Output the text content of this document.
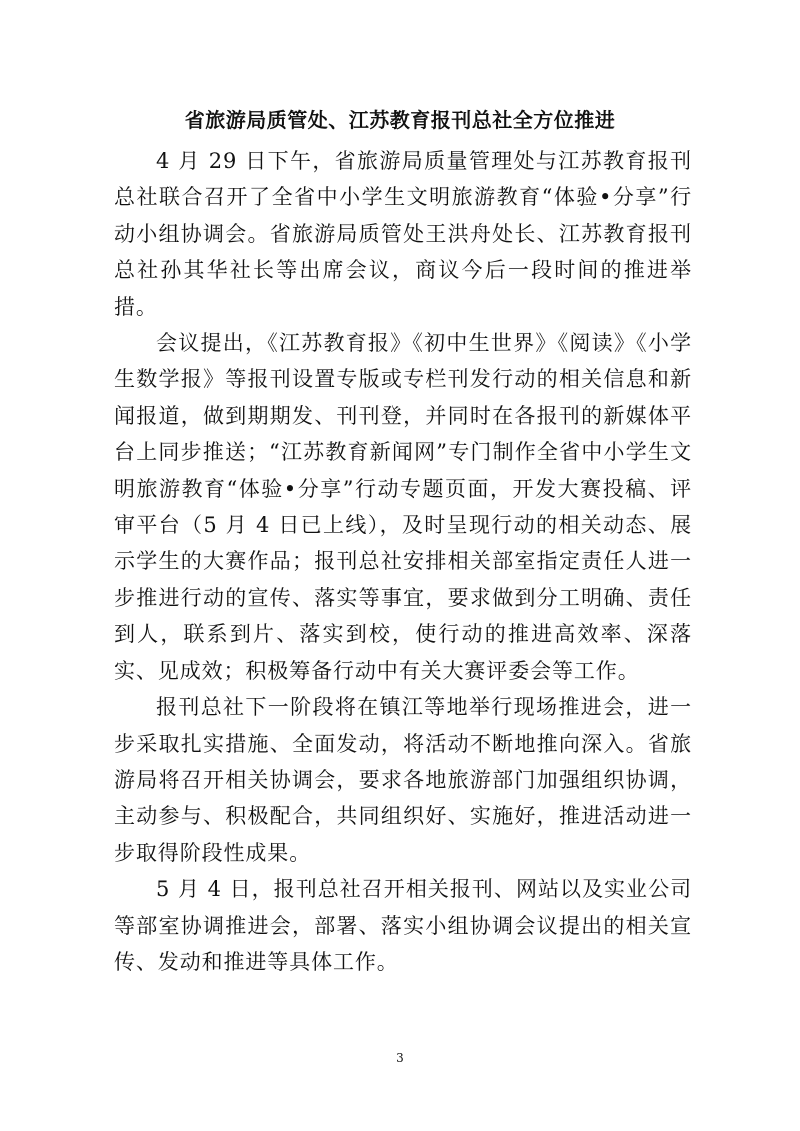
省旅游局质管处、江苏教育报刊总社全方位推进

4 月 29 日下午，省旅游局质量管理处与江苏教育报刊总社联合召开了全省中小学生文明旅游教育“体验•分享”行动小组协调会。省旅游局质管处王洪舟处长、江苏教育报刊总社孙其华社长等出席会议，商议今后一段时间的推进举措。

会议提出，《江苏教育报》《初中生世界》《阅读》《小学生数学报》等报刊设置专版或专栏刊发行动的相关信息和新闻报道，做到期期发、刊刊登，并同时在各报刊的新媒体平台上同步推送；“江苏教育新闻网”专门制作全省中小学生文明旅游教育“体验•分享”行动专题页面，开发大赛投稿、评审平台（5 月 4 日已上线），及时呈现行动的相关动态、展示学生的大赛作品；报刊总社安排相关部室指定责任人进一步推进行动的宣传、落实等事宜，要求做到分工明确、责任到人，联系到片、落实到校，使行动的推进高效率、深落实、见成效；积极筹备行动中有关大赛评委会等工作。

报刊总社下一阶段将在镇江等地举行现场推进会，进一步采取扎实措施、全面发动，将活动不断地推向深入。省旅游局将召开相关协调会，要求各地旅游部门加强组织协调，主动参与、积极配合，共同组织好、实施好，推进活动进一步取得阶段性成果。

5 月 4 日，报刊总社召开相关报刊、网站以及实业公司等部室协调推进会，部署、落实小组协调会议提出的相关宣传、发动和推进等具体工作。

3
